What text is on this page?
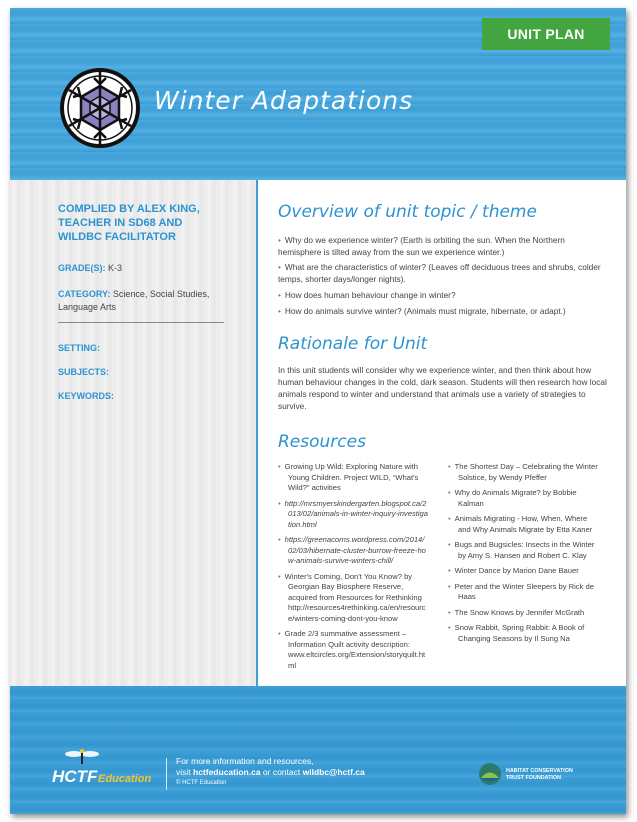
UNIT PLAN
Winter Adaptations
COMPLIED BY ALEX KING, TEACHER IN SD68 AND WILDBC FACILITATOR
GRADE(S): K-3
CATEGORY: Science, Social Studies, Language Arts
SETTING:
SUBJECTS:
KEYWORDS:
Overview of unit topic / theme
• Why do we experience winter? (Earth is orbiting the sun. When the Northern hemisphere is tilted away from the sun we experience winter.)
• What are the characteristics of winter? (Leaves off deciduous trees and shrubs, colder temps, shorter days/longer nights).
• How does human behaviour change in winter?
• How do animals survive winter? (Animals must migrate, hibernate, or adapt.)
Rationale for Unit
In this unit students will consider why we experience winter, and then think about how human behaviour changes in the cold, dark season. Students will then research how local animals respond to winter and understand that animals use a variety of strategies to survive.
Resources
• Growing Up Wild: Exploring Nature with Young Children. Project WILD, “What's Wild?” activities
• http://mrsmyerskindergarten.blogspot.ca/2013/02/animals-in-winter-inquiry-investigation.html
• https://greenacorns.wordpress.com/2014/02/03/hibernate-cluster-burrow-freeze-how-animals-survive-winters-chill/
• Winter's Coming, Don't You Know? by Georgian Bay Biosphere Reserve, acquired from Resources for Rethinking http://resources4rethinking.ca/en/resource/winters-coming-dont-you-know
• Grade 2/3 summative assessment – Information Quilt activity description: www.eltcircles.org/Extension/storyquilt.html
• The Shortest Day – Celebrating the Winter Solstice, by Wendy Pfeffer
• Why do Animals Migrate? by Bobbie Kalman
• Animals Migrating - How, When, Where and Why Animals Migrate by Etta Kaner
• Bugs and Bugsicles: Insects in the Winter by Amy S. Hansen and Robert C. Klay
• Winter Dance by Marion Dane Bauer
• Peter and the Winter Sleepers by Rick de Haas
• The Snow Knows by Jennifer McGrath
• Snow Rabbit, Spring Rabbit: A Book of Changing Seasons by Il Sung Na
HCTF Education
For more information and resources,
visit hctfeducation.ca or contact wildbc@hctf.ca
© HCTF Education
HABITAT CONSERVATION
TRUST FOUNDATION
